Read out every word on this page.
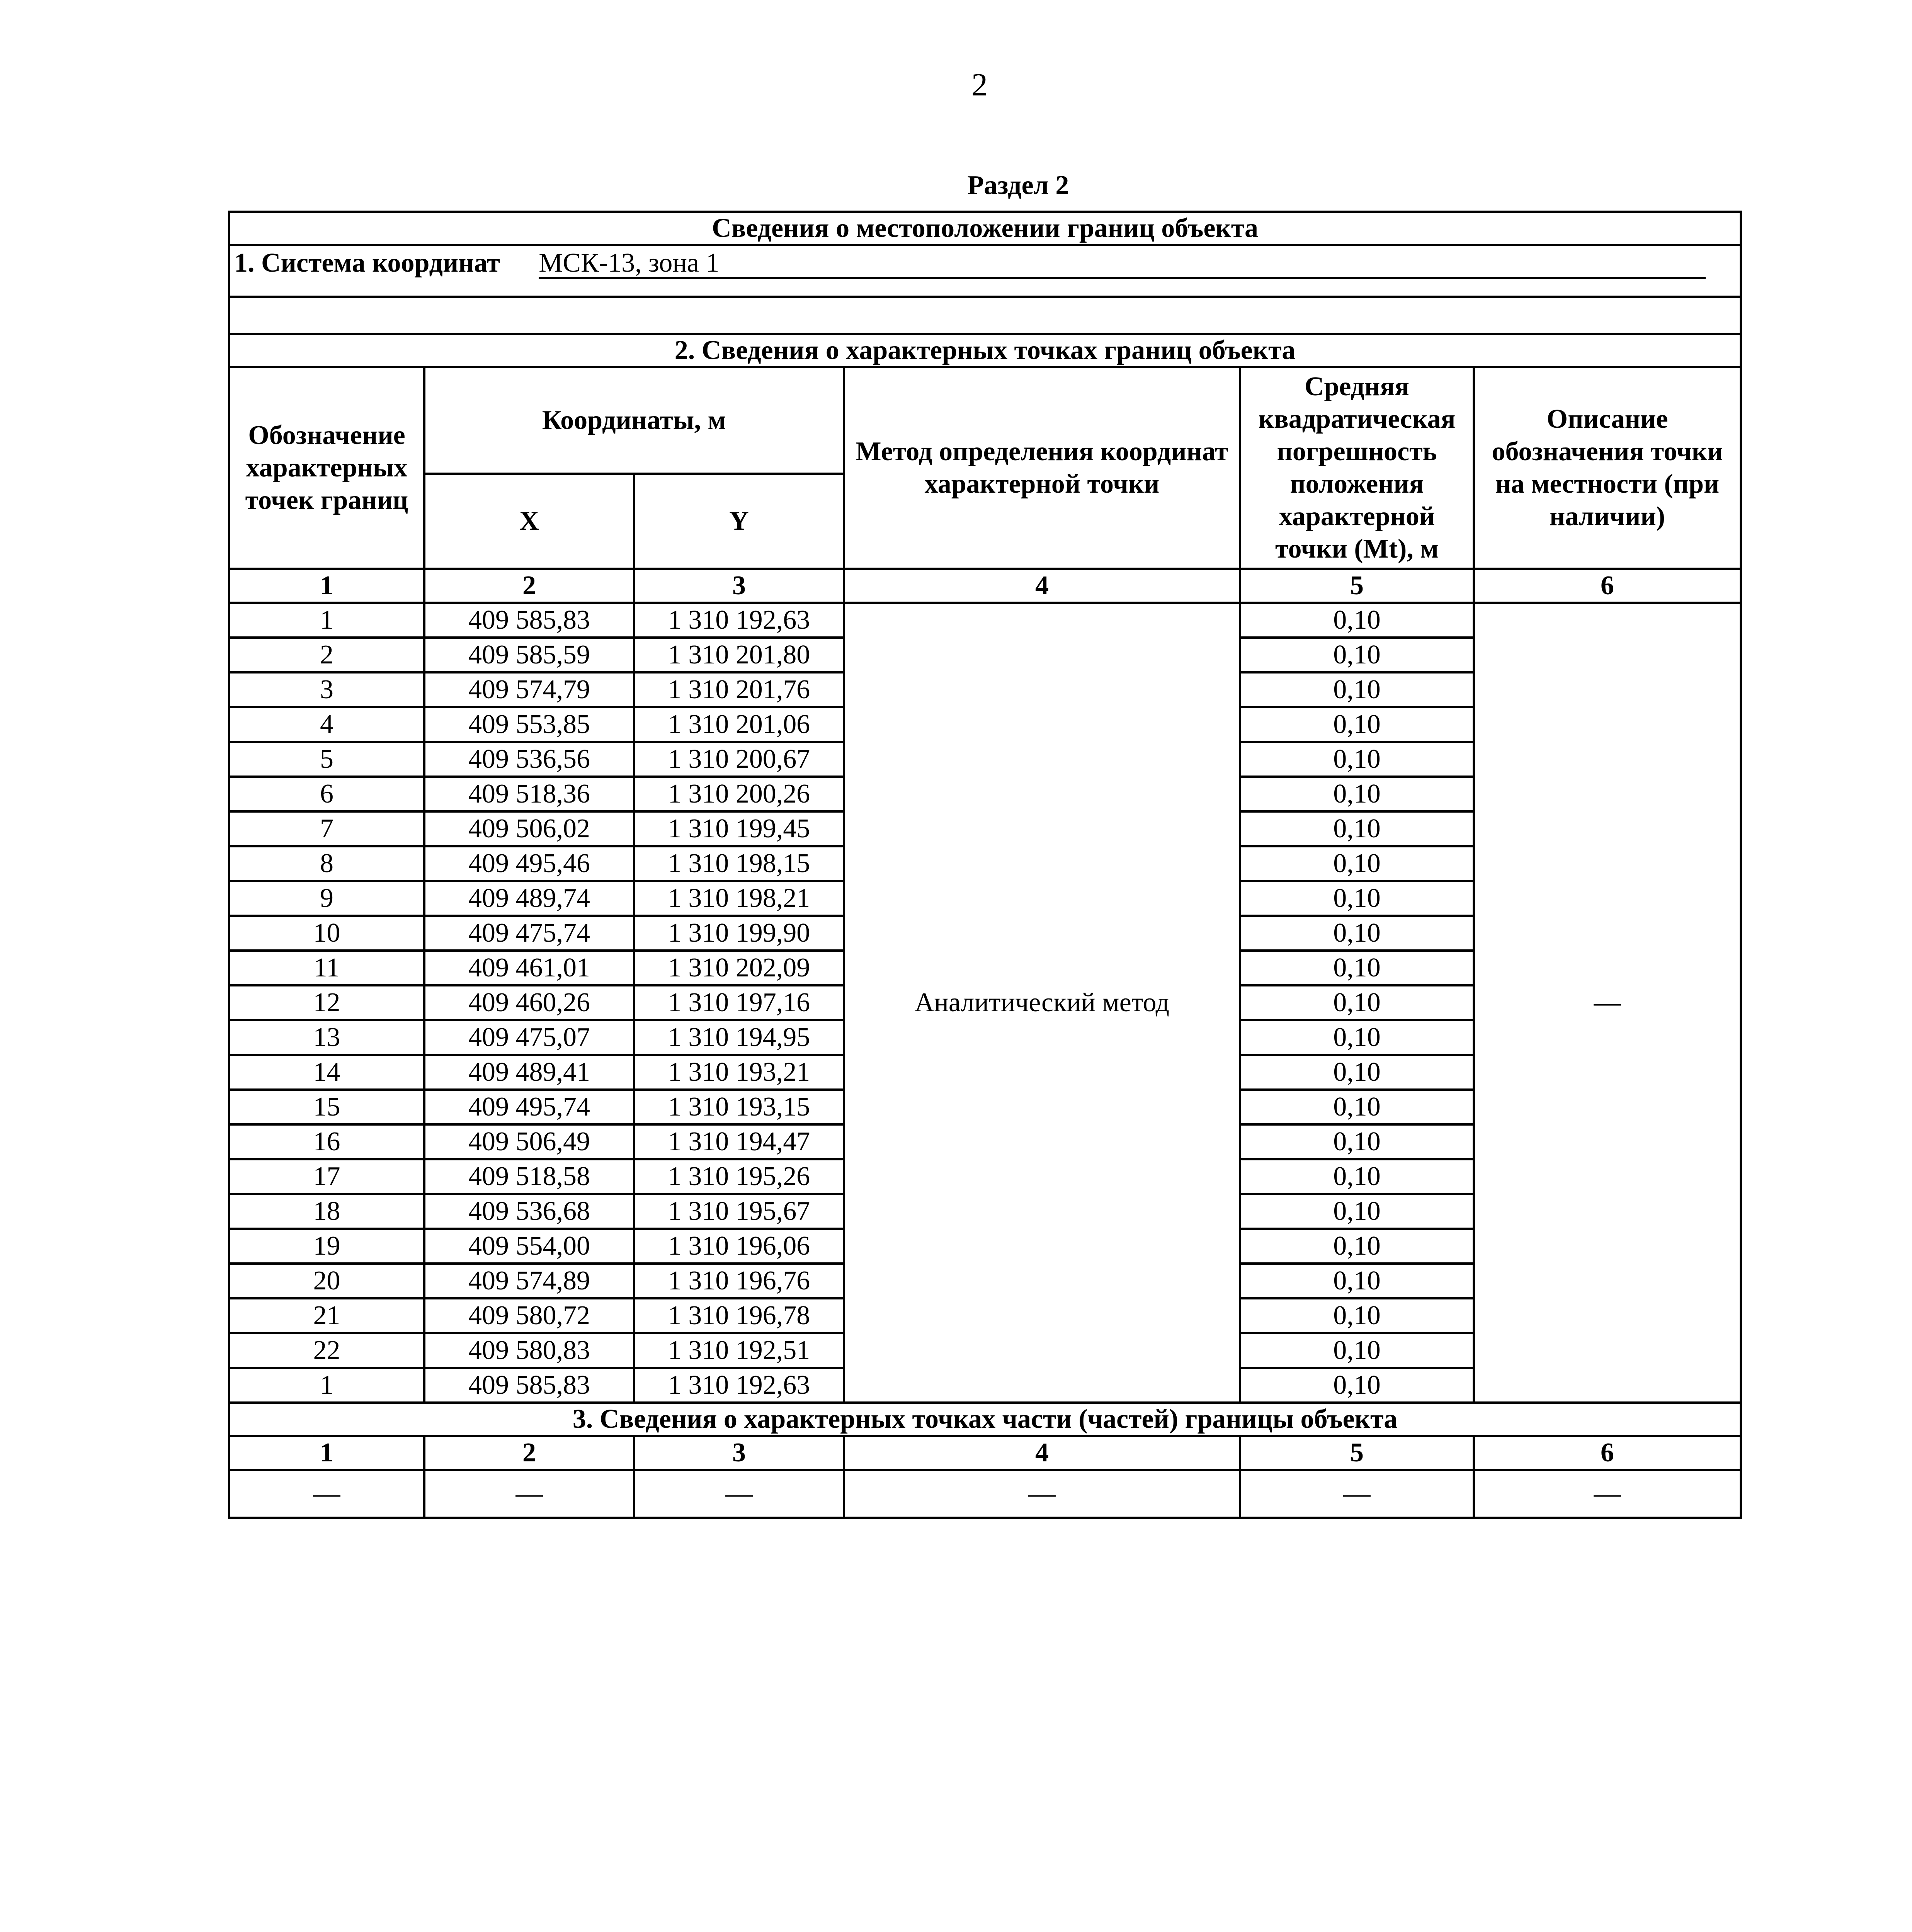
2
Раздел 2
Сведения о местоположении границ объекта					
1. Система координат МСК-13, зона 1					

2. Сведения о характерных точках границ объекта					
Обозначение характерных точек границ	Координаты, м		Метод определения координат характерной точки	Средняя квадратическая погрешность положения характерной точки (Mt), м	Описание обозначения точки на местности (при наличии)
	X	Y			
1	2	3	4	5	6
1	409 585,83	1 310 192,63	Аналитический метод	0,10	—
2	409 585,59	1 310 201,80		0,10	
3	409 574,79	1 310 201,76		0,10	
4	409 553,85	1 310 201,06		0,10	
5	409 536,56	1 310 200,67		0,10	
6	409 518,36	1 310 200,26		0,10	
7	409 506,02	1 310 199,45		0,10	
8	409 495,46	1 310 198,15		0,10	
9	409 489,74	1 310 198,21		0,10	
10	409 475,74	1 310 199,90		0,10	
11	409 461,01	1 310 202,09		0,10	
12	409 460,26	1 310 197,16		0,10	
13	409 475,07	1 310 194,95		0,10	
14	409 489,41	1 310 193,21		0,10	
15	409 495,74	1 310 193,15		0,10	
16	409 506,49	1 310 194,47		0,10	
17	409 518,58	1 310 195,26		0,10	
18	409 536,68	1 310 195,67		0,10	
19	409 554,00	1 310 196,06		0,10	
20	409 574,89	1 310 196,76		0,10	
21	409 580,72	1 310 196,78		0,10	
22	409 580,83	1 310 192,51		0,10	
1	409 585,83	1 310 192,63		0,10	
3. Сведения о характерных точках части (частей) границы объекта					
1	2	3	4	5	6
—	—	—	—	—	—
